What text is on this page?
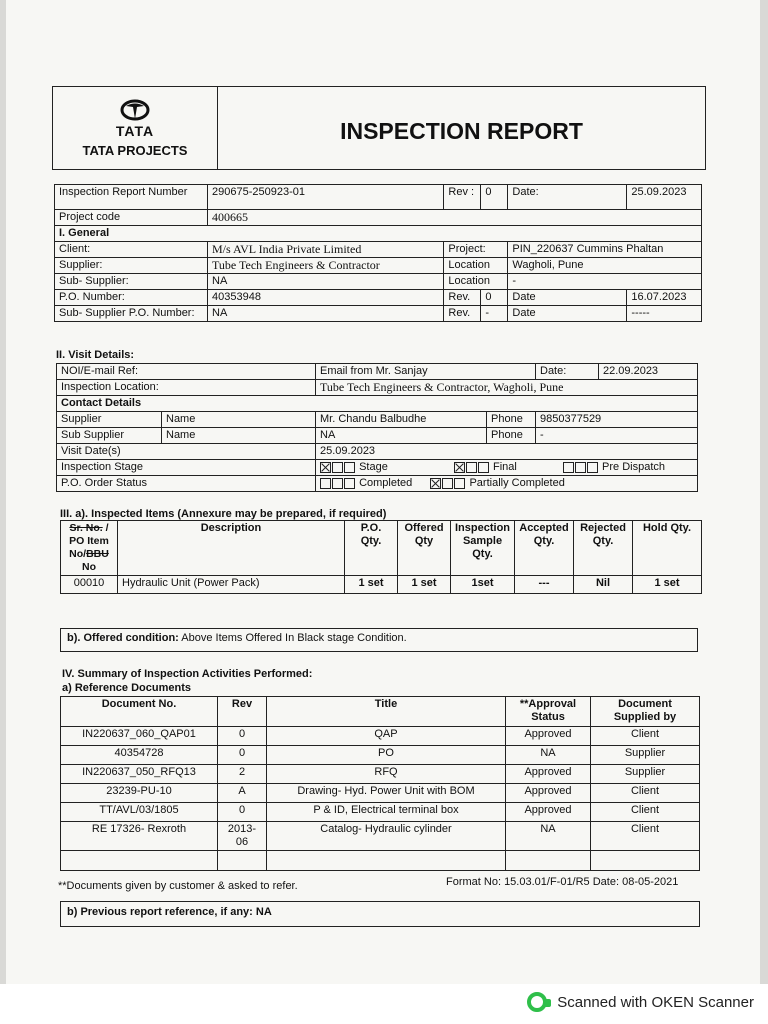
TATA
TATA PROJECTS

INSPECTION REPORT
Inspection Report Number	290675-250923-01	Rev :	0	Date:	25.09.2023
Project code	400665				
I. General					
Client:	M/s AVL India Private Limited	Project:		PIN_220637 Cummins Phaltan	
Supplier:	Tube Tech Engineers & Contractor	Location		Wagholi, Pune	
Sub- Supplier:	NA	Location		-	
P.O. Number:	40353948	Rev.	0	Date	16.07.2023
Sub- Supplier P.O. Number:	NA	Rev.	-	Date	-----
II. Visit Details:
NOI/E-mail Ref:		Email from Mr. Sanjay		Date:	22.09.2023
Inspection Location:		Tube Tech Engineers & Contractor, Wagholi, Pune			
Contact Details					
Supplier	Name	Mr. Chandu Balbudhe	Phone	9850377529	
Sub Supplier	Name	NA	Phone	-	
Visit Date(s)		25.09.2023			
Inspection Stage		Stage Final Pre Dispatch			
P.O. Order Status		Completed Partially Completed			
III. a). Inspected Items (Annexure may be prepared, if required)
Sr. No. / PO Item No/BBU No	Description	P.O. Qty.	Offered Qty	Inspection Sample Qty.	Accepted Qty.	Rejected Qty.	Hold Qty.
00010	Hydraulic Unit (Power Pack)	1 set	1 set	1set	---	Nil	1 set
b). Offered condition: Above Items Offered In Black stage Condition.
IV. Summary of Inspection Activities Performed:
a) Reference Documents
Document No.	Rev	Title	**Approval Status	Document Supplied by
IN220637_060_QAP01	0	QAP	Approved	Client
40354728	0	PO	NA	Supplier
IN220637_050_RFQ13	2	RFQ	Approved	Supplier
23239-PU-10	A	Drawing- Hyd. Power Unit with BOM	Approved	Client
TT/AVL/03/1805	0	P & ID, Electrical terminal box	Approved	Client
RE 17326- Rexroth	2013-06	Catalog- Hydraulic cylinder	NA	Client

**Documents given by customer & asked to refer.	Format No: 15.03.01/F-01/R5 Date: 08-05-2021
b) Previous report reference, if any: NA
Scanned with OKEN Scanner
